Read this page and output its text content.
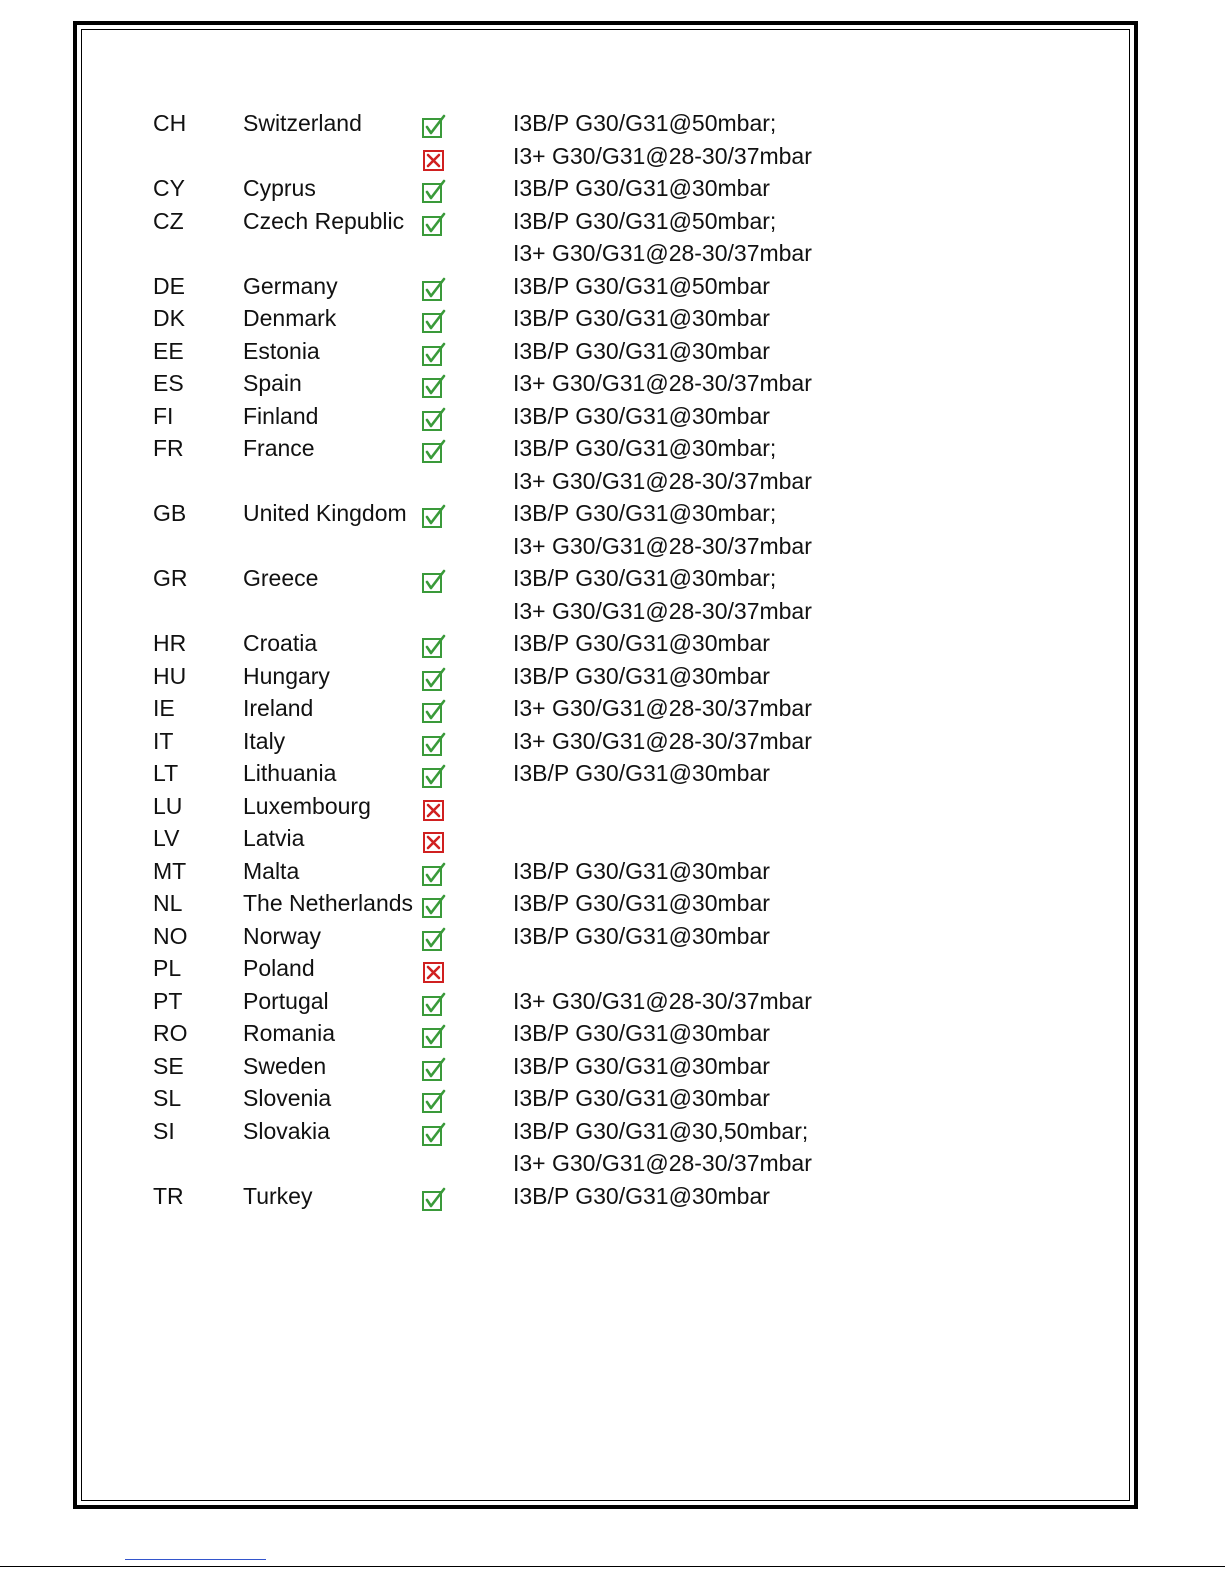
CH	Switzerland	I3B/P G30/G31@50mbar;
I3+ G30/G31@28-30/37mbar
CY	Cyprus	I3B/P G30/G31@30mbar
CZ	Czech Republic	I3B/P G30/G31@50mbar;
I3+ G30/G31@28-30/37mbar
DE	Germany	I3B/P G30/G31@50mbar
DK	Denmark	I3B/P G30/G31@30mbar
EE	Estonia	I3B/P G30/G31@30mbar
ES	Spain	I3+ G30/G31@28-30/37mbar
FI	Finland	I3B/P G30/G31@30mbar
FR	France	I3B/P G30/G31@30mbar;
I3+ G30/G31@28-30/37mbar
GB	United Kingdom	I3B/P G30/G31@30mbar;
I3+ G30/G31@28-30/37mbar
GR	Greece	I3B/P G30/G31@30mbar;
I3+ G30/G31@28-30/37mbar
HR	Croatia	I3B/P G30/G31@30mbar
HU	Hungary	I3B/P G30/G31@30mbar
IE	Ireland	I3+ G30/G31@28-30/37mbar
IT	Italy	I3+ G30/G31@28-30/37mbar
LT	Lithuania	I3B/P G30/G31@30mbar
LU	Luxembourg
LV	Latvia
MT	Malta	I3B/P G30/G31@30mbar
NL	The Netherlands	I3B/P G30/G31@30mbar
NO	Norway	I3B/P G30/G31@30mbar
PL	Poland
PT	Portugal	I3+ G30/G31@28-30/37mbar
RO	Romania	I3B/P G30/G31@30mbar
SE	Sweden	I3B/P G30/G31@30mbar
SL	Slovenia	I3B/P G30/G31@30mbar
SI	Slovakia	I3B/P G30/G31@30,50mbar;
I3+ G30/G31@28-30/37mbar
TR	Turkey	I3B/P G30/G31@30mbar
